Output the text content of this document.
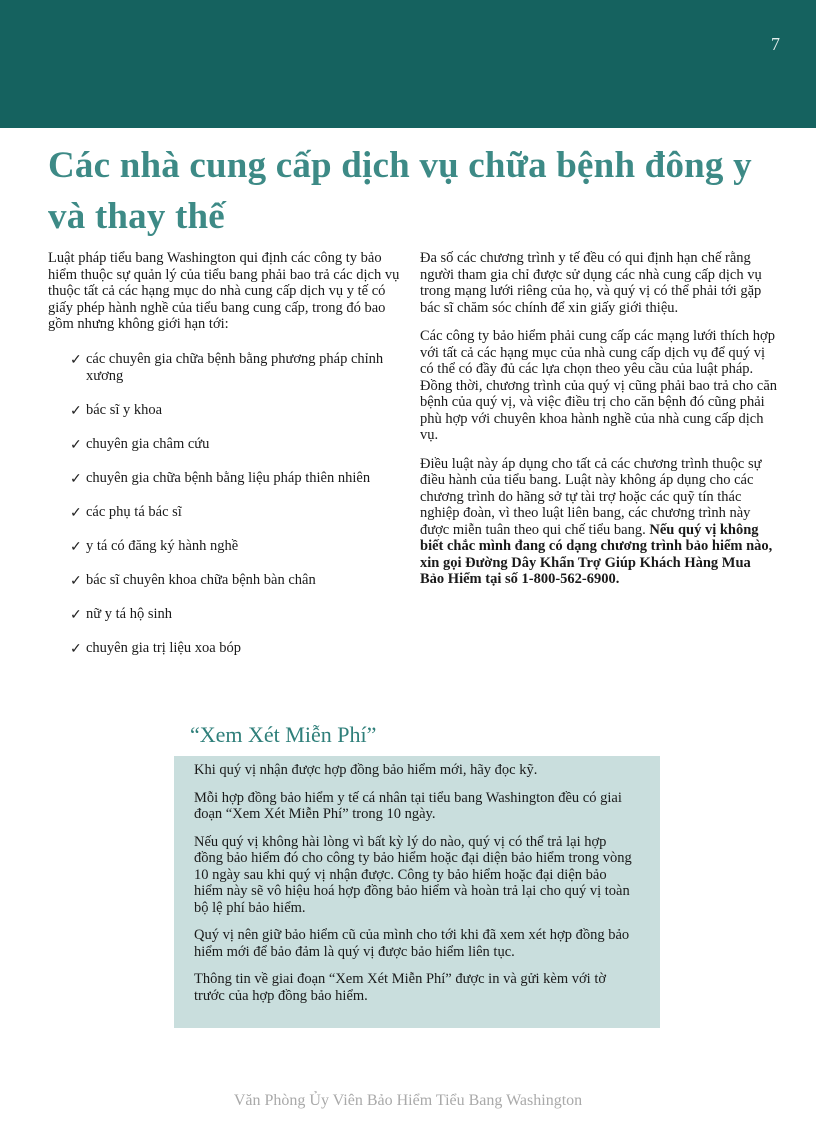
7
Các nhà cung cấp dịch vụ chữa bệnh đông y và thay thế

Luật pháp tiểu bang Washington qui định các công ty bảo hiểm thuộc sự quản lý của tiểu bang phải bao trả các dịch vụ thuộc tất cả các hạng mục do nhà cung cấp dịch vụ y tế có giấy phép hành nghề của tiểu bang cung cấp, trong đó bao gồm nhưng không giới hạn tới:

✓ các chuyên gia chữa bệnh bằng phương pháp chỉnh xương
✓ bác sĩ y khoa
✓ chuyên gia châm cứu
✓ chuyên gia chữa bệnh bằng liệu pháp thiên nhiên
✓ các phụ tá bác sĩ
✓ y tá có đăng ký hành nghề
✓ bác sĩ chuyên khoa chữa bệnh bàn chân
✓ nữ y tá hộ sinh
✓ chuyên gia trị liệu xoa bóp

Đa số các chương trình y tế đều có qui định hạn chế rằng người tham gia chỉ được sử dụng các nhà cung cấp dịch vụ trong mạng lưới riêng của họ, và quý vị có thể phải tới gặp bác sĩ chăm sóc chính để xin giấy giới thiệu.

Các công ty bảo hiểm phải cung cấp các mạng lưới thích hợp với tất cả các hạng mục của nhà cung cấp dịch vụ để quý vị có thể có đầy đủ các lựa chọn theo yêu cầu của luật pháp. Đồng thời, chương trình của quý vị cũng phải bao trả cho căn bệnh của quý vị, và việc điều trị cho căn bệnh đó cũng phải phù hợp với chuyên khoa hành nghề của nhà cung cấp dịch vụ.

Điều luật này áp dụng cho tất cả các chương trình thuộc sự điều hành của tiểu bang. Luật này không áp dụng cho các chương trình do hãng sở tự tài trợ hoặc các quỹ tín thác nghiệp đoàn, vì theo luật liên bang, các chương trình này được miễn tuân theo qui chế tiểu bang. Nếu quý vị không biết chắc mình đang có dạng chương trình bảo hiểm nào, xin gọi Đường Dây Khẩn Trợ Giúp Khách Hàng Mua Bảo Hiểm tại số 1-800-562-6900.

“Xem Xét Miễn Phí”

Khi quý vị nhận được hợp đồng bảo hiểm mới, hãy đọc kỹ.

Mỗi hợp đồng bảo hiểm y tế cá nhân tại tiểu bang Washington đều có giai đoạn “Xem Xét Miễn Phí” trong 10 ngày.

Nếu quý vị không hài lòng vì bất kỳ lý do nào, quý vị có thể trả lại hợp đồng bảo hiểm đó cho công ty bảo hiểm hoặc đại diện bảo hiểm trong vòng 10 ngày sau khi quý vị nhận được. Công ty bảo hiểm hoặc đại diện bảo hiểm này sẽ vô hiệu hoá hợp đồng bảo hiểm và hoàn trả lại cho quý vị toàn bộ lệ phí bảo hiểm.

Quý vị nên giữ bảo hiểm cũ của mình cho tới khi đã xem xét hợp đồng bảo hiểm mới để bảo đảm là quý vị được bảo hiểm liên tục.

Thông tin về giai đoạn “Xem Xét Miễn Phí” được in và gửi kèm với tờ trước của hợp đồng bảo hiểm.

Văn Phòng Ủy Viên Bảo Hiểm Tiểu Bang Washington
